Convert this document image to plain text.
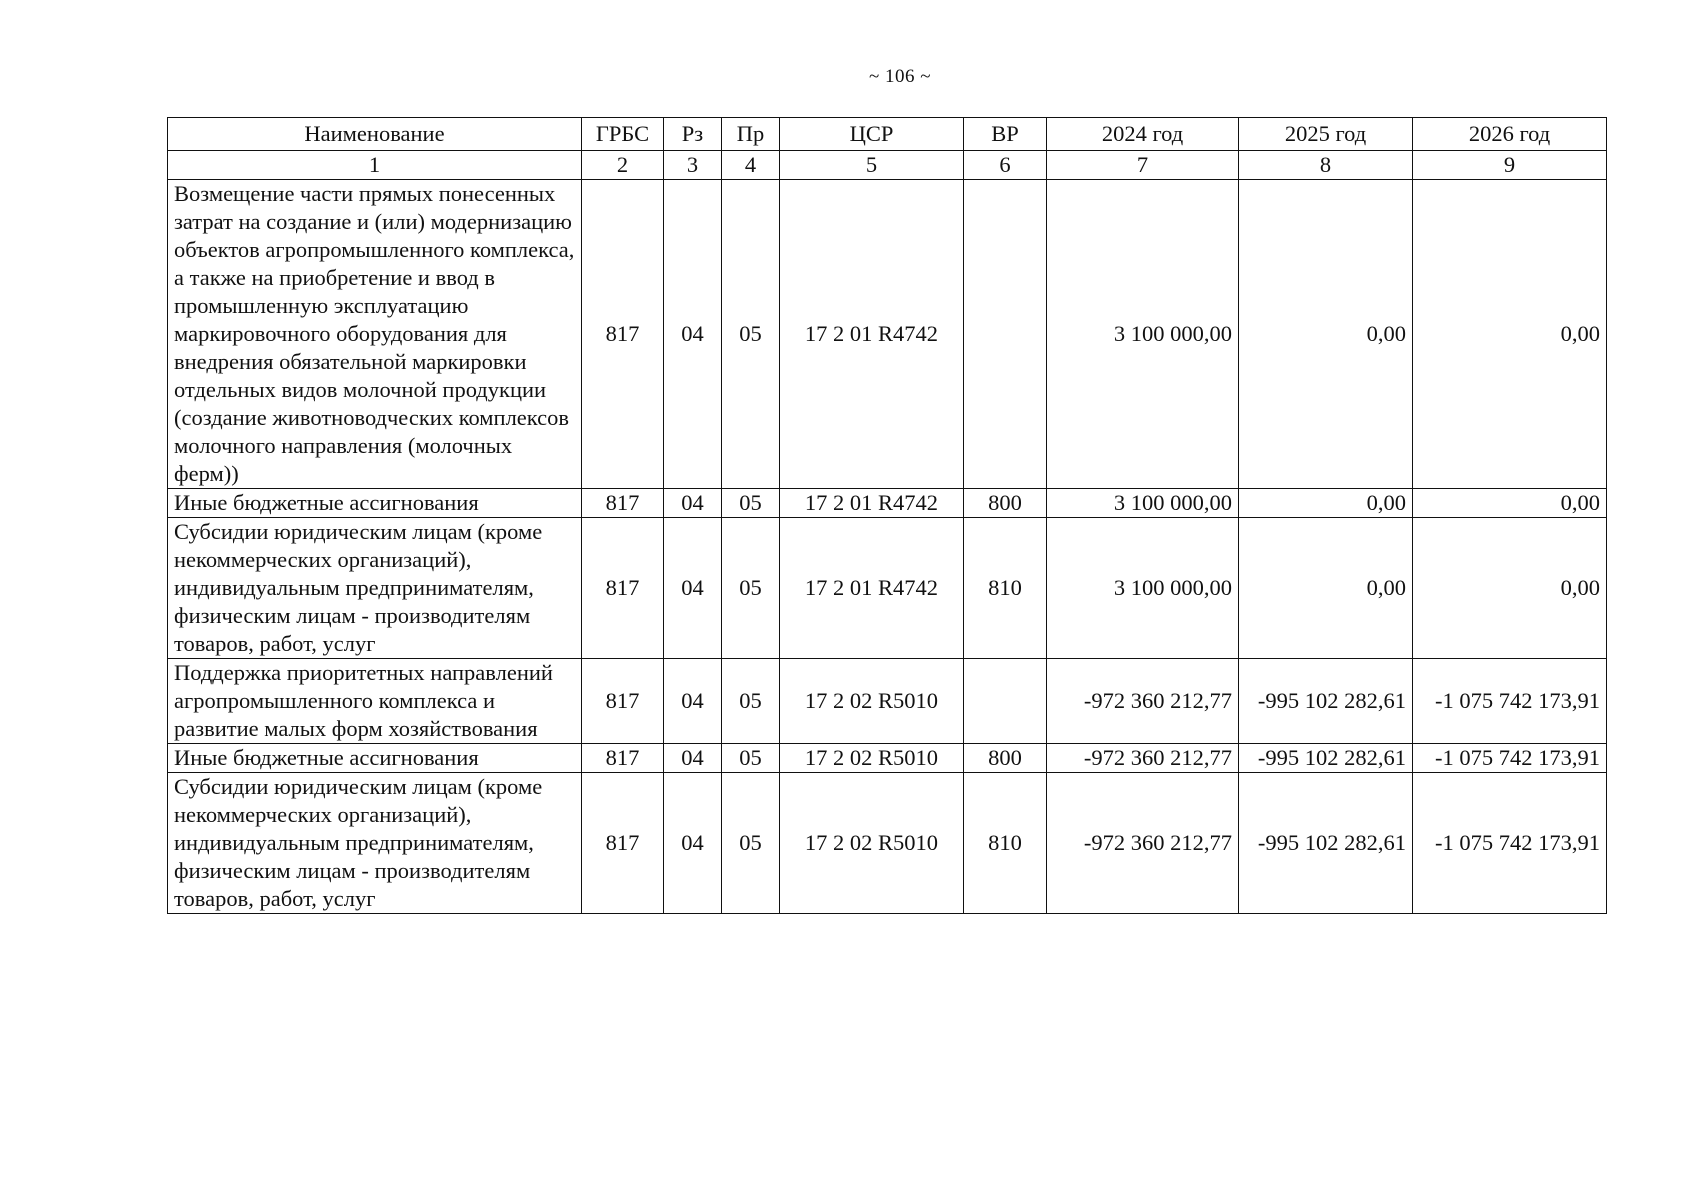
~ 106 ~
Наименование	ГРБС	Рз	Пр	ЦСР	ВР	2024 год	2025 год	2026 год
1	2	3	4	5	6	7	8	9
Возмещение части прямых понесенных затрат на создание и (или) модернизацию объектов агропромышленного комплекса, а также на приобретение и ввод в промышленную эксплуатацию маркировочного оборудования для внедрения обязательной маркировки отдельных видов молочной продукции (создание животноводческих комплексов молочного направления (молочных ферм))	817	04	05	17 2 01 R4742		3 100 000,00	0,00	0,00
Иные бюджетные ассигнования	817	04	05	17 2 01 R4742	800	3 100 000,00	0,00	0,00
Субсидии юридическим лицам (кроме некоммерческих организаций), индивидуальным предпринимателям, физическим лицам - производителям товаров, работ, услуг	817	04	05	17 2 01 R4742	810	3 100 000,00	0,00	0,00
Поддержка приоритетных направлений агропромышленного комплекса и развитие малых форм хозяйствования	817	04	05	17 2 02 R5010		-972 360 212,77	-995 102 282,61	-1 075 742 173,91
Иные бюджетные ассигнования	817	04	05	17 2 02 R5010	800	-972 360 212,77	-995 102 282,61	-1 075 742 173,91
Субсидии юридическим лицам (кроме некоммерческих организаций), индивидуальным предпринимателям, физическим лицам - производителям товаров, работ, услуг	817	04	05	17 2 02 R5010	810	-972 360 212,77	-995 102 282,61	-1 075 742 173,91
